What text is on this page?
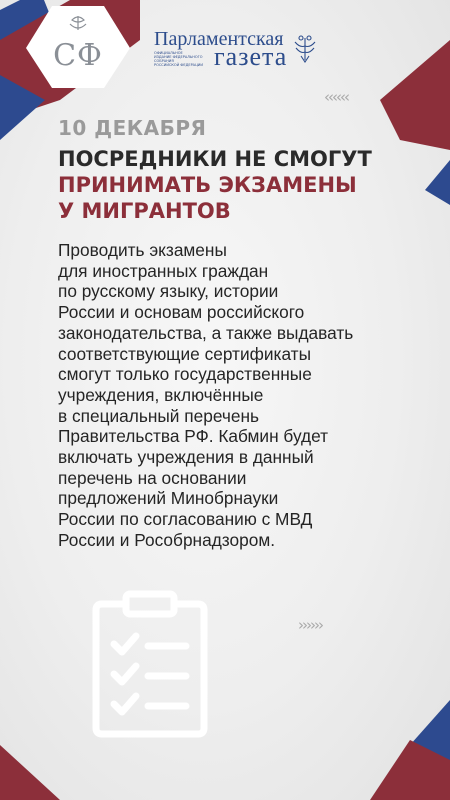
СФ	Парламентская
ОФИЦИАЛЬНОЕ
ИЗДАНИЕ ФЕДЕРАЛЬНОГО СОБРАНИЯ
РОССИЙСКОЙ ФЕДЕРАЦИИ газета
‹‹‹‹‹‹
››››››
10 ДЕКАБРЯ
ПОСРЕДНИКИ НЕ СМОГУТ
ПРИНИМАТЬ ЭКЗАМЕНЫ
У МИГРАНТОВ
Проводить экзамены
для иностранных граждан
по русскому языку, истории
России и основам российского
законодательства, а также выдавать
соответствующие сертификаты
смогут только государственные
учреждения, включённые
в специальный перечень
Правительства РФ. Кабмин будет
включать учреждения в данный
перечень на основании
предложений Минобрнауки
России по согласованию с МВД
России и Рособрнадзором.
